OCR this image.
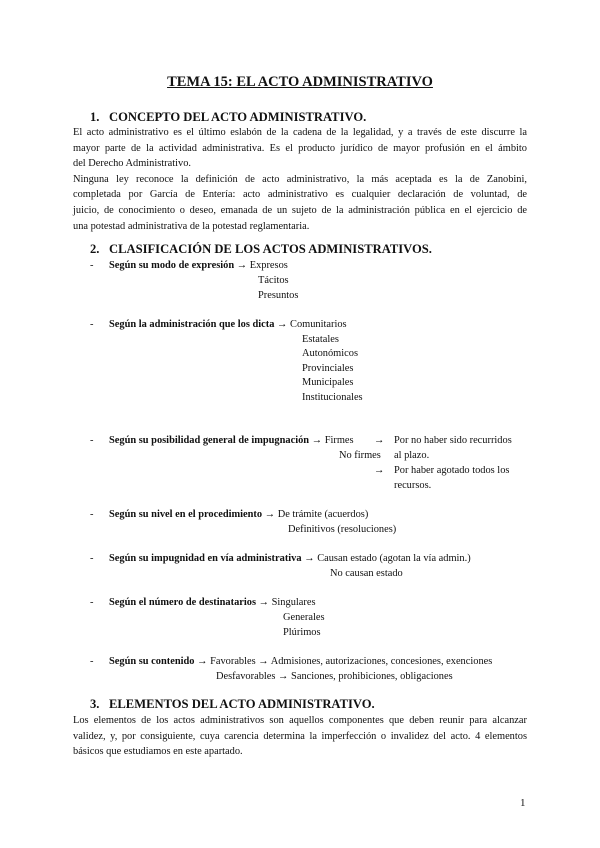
TEMA 15: EL ACTO ADMINISTRATIVO
1. CONCEPTO DEL ACTO ADMINISTRATIVO.
El acto administrativo es el último eslabón de la cadena de la legalidad, y a través de este discurre la
mayor parte de la actividad administrativa. Es el producto jurídico de mayor profusión en el ámbito
del Derecho Administrativo.
Ninguna ley reconoce la definición de acto administrativo, la más aceptada es la de Zanobini,
completada por García de Entería: acto administrativo es cualquier declaración de voluntad, de
juicio, de conocimiento o deseo, emanada de un sujeto de la administración pública en el ejercicio de
una potestad administrativa de la potestad reglamentaria.
2. CLASIFICACIÓN DE LOS ACTOS ADMINISTRATIVOS.
- Según su modo de expresión → Expresos
Tácitos
Presuntos
- Según la administración que los dicta → Comunitarios
Estatales
Autonómicos
Provinciales
Municipales
Institucionales
- Según su posibilidad general de impugnación → Firmes → Por no haber sido recurridos
No firmes al plazo.
→ Por haber agotado todos los
recursos.
- Según su nivel en el procedimiento → De trámite (acuerdos)
Definitivos (resoluciones)
- Según su impugnidad en vía administrativa → Causan estado (agotan la vía admin.)
No causan estado
- Según el número de destinatarios → Singulares
Generales
Plúrimos
- Según su contenido → Favorables → Admisiones, autorizaciones, concesiones, exenciones
Desfavorables → Sanciones, prohibiciones, obligaciones
3. ELEMENTOS DEL ACTO ADMINISTRATIVO.
Los elementos de los actos administrativos son aquellos componentes que deben reunir para alcanzar
validez, y, por consiguiente, cuya carencia determina la imperfección o invalidez del acto. 4 elementos
básicos que estudiamos en este apartado.
1
